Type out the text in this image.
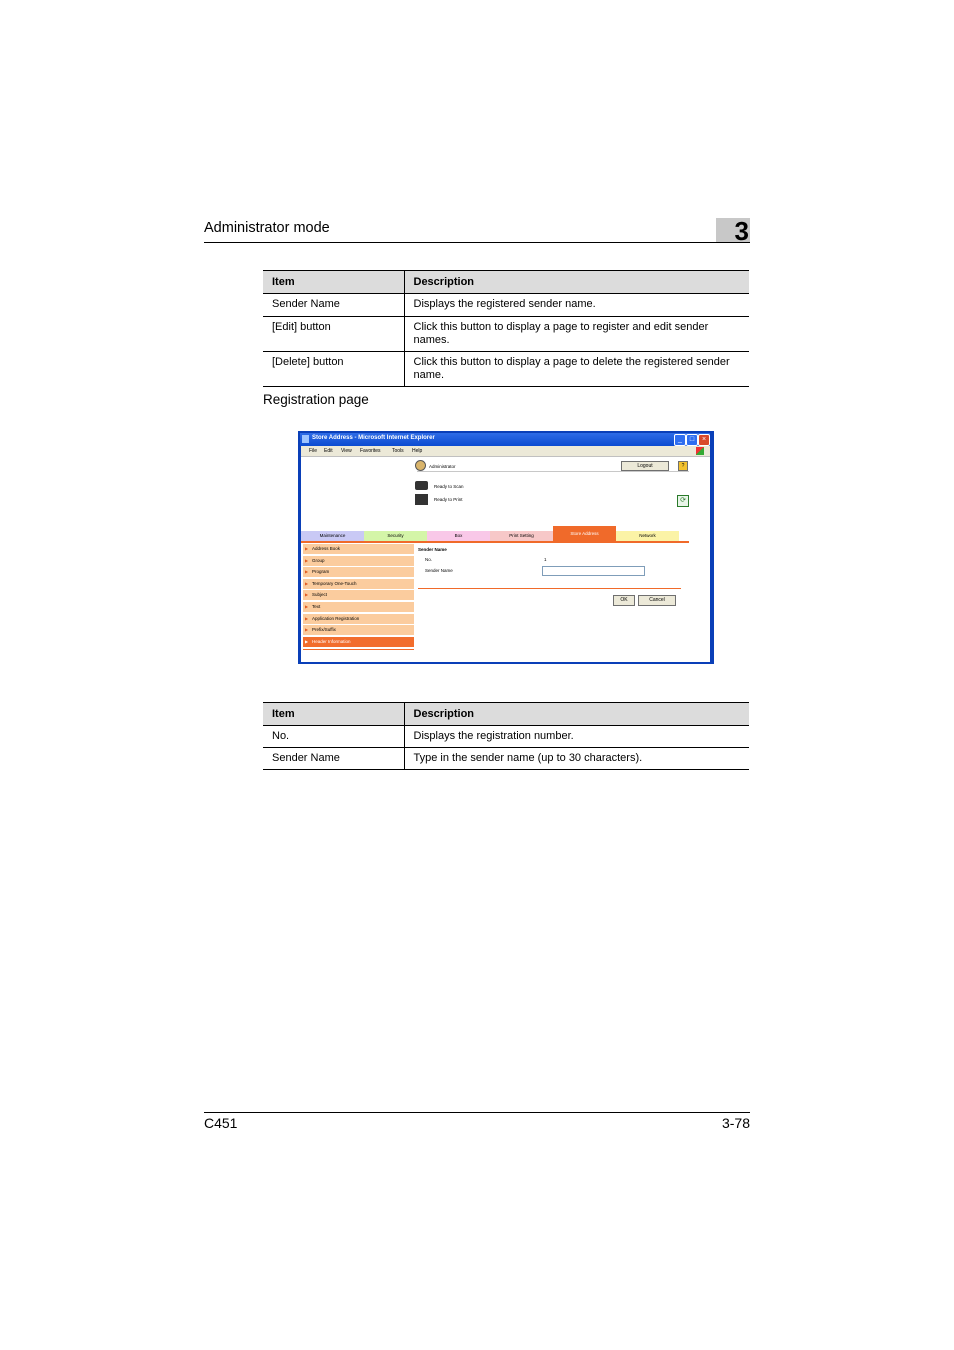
Administrator mode	3
Item	Description
Sender Name	Displays the registered sender name.
[Edit] button	Click this button to display a page to register and edit sender names.
[Delete] button	Click this button to display a page to delete the registered sender name.
Registration page
Store Address - Microsoft Internet Explorer	_	□	×
File Edit View Favorites Tools Help
Administrator	Logout	?
Ready to Scan
Ready to Print	⟳
Maintenance	Security	Box	Print Setting	Store Address	Network
▶ Address Book
▶ Group
▶ Program
▶ Temporary One-Touch
▶ Subject
▶ Text
▶ Application Registration
▶ Prefix/Suffix
▶ Header Information
Sender Name
No.	1
Sender Name
OK	Cancel
Item	Description
No.	Displays the registration number.
Sender Name	Type in the sender name (up to 30 characters).
C451	3-78
